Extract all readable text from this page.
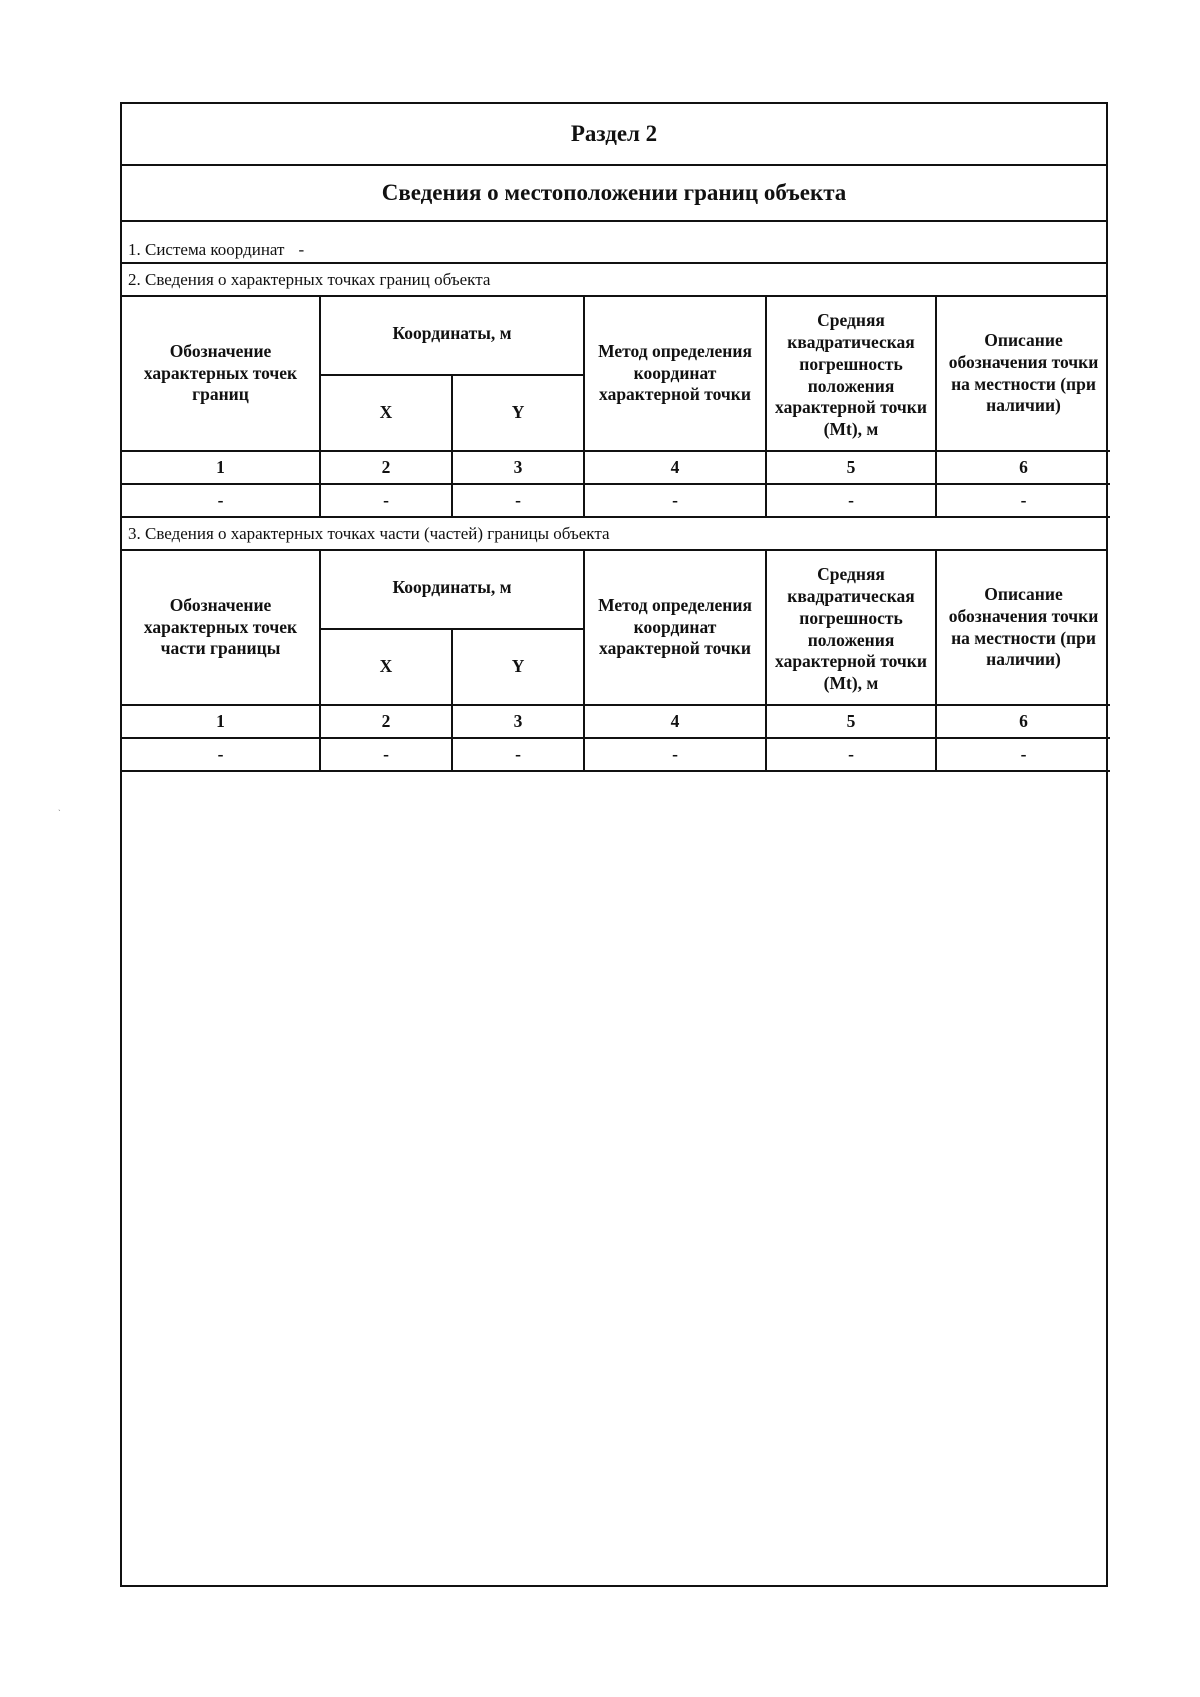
ˎ
Раздел 2
Сведения о местоположении границ объекта
1. Система координат -
2. Сведения о характерных точках границ объекта
Обозначение характерных точек границ	Координаты, м		Метод определения координат характерной точки	Средняя квадратическая погрешность положения характерной точки (Mt), м	Описание обозначения точки на местности (при наличии)
	X	Y			
1	2	3	4	5	6
-	-	-	-	-	-
3. Сведения о характерных точках части (частей) границы объекта
Обозначение характерных точек части границы	Координаты, м		Метод определения координат характерной точки	Средняя квадратическая погрешность положения характерной точки (Mt), м	Описание обозначения точки на местности (при наличии)
	X	Y			
1	2	3	4	5	6
-	-	-	-	-	-
